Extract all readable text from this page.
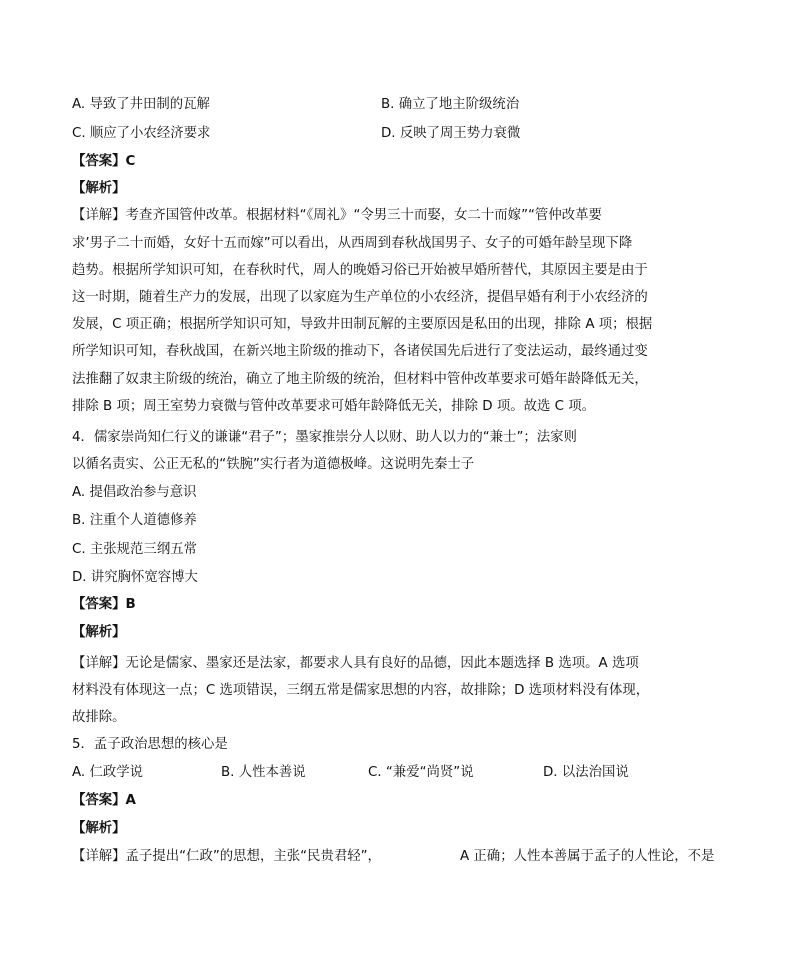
A. 导致了井田制的瓦解	B. 确立了地主阶级统治
C. 顺应了小农经济要求	D. 反映了周王势力衰微
【答案】C
【解析】
【详解】考查齐国管仲改革。根据材料“《周礼》“令男三十而娶，女二十而嫁”“管仲改革要
求’男子二十而婚，女好十五而嫁”可以看出，从西周到春秋战国男子、女子的可婚年龄呈现下降
趋势。根据所学知识可知，在春秋时代，周人的晚婚习俗已开始被早婚所替代，其原因主要是由于
这一时期，随着生产力的发展，出现了以家庭为生产单位的小农经济，提倡早婚有利于小农经济的
发展，C 项正确；根据所学知识可知，导致井田制瓦解的主要原因是私田的出现，排除 A 项；根据
所学知识可知，春秋战国，在新兴地主阶级的推动下，各诸侯国先后进行了变法运动，最终通过变
法推翻了奴隶主阶级的统治，确立了地主阶级的统治，但材料中管仲改革要求可婚年龄降低无关，
排除 B 项；周王室势力衰微与管仲改革要求可婚年龄降低无关，排除 D 项。故选 C 项。
4．儒家崇尚知仁行义的谦谦“君子”；墨家推崇分人以财、助人以力的“兼士”；法家则
以循名责实、公正无私的“铁腕”实行者为道德极峰。这说明先秦士子
A. 提倡政治参与意识
B. 注重个人道德修养
C. 主张规范三纲五常
D. 讲究胸怀宽容博大
【答案】B
【解析】
【详解】无论是儒家、墨家还是法家，都要求人具有良好的品德，因此本题选择 B 选项。A 选项
材料没有体现这一点；C 选项错误，三纲五常是儒家思想的内容，故排除；D 选项材料没有体现，
故排除。
5．孟子政治思想的核心是
A. 仁政学说	B. 人性本善说	C. “兼爱“尚贤”说	D. 以法治国说
【答案】A
【解析】
【详解】孟子提出“仁政”的思想，主张“民贵君轻”，	A 正确；人性本善属于孟子的人性论，不是
